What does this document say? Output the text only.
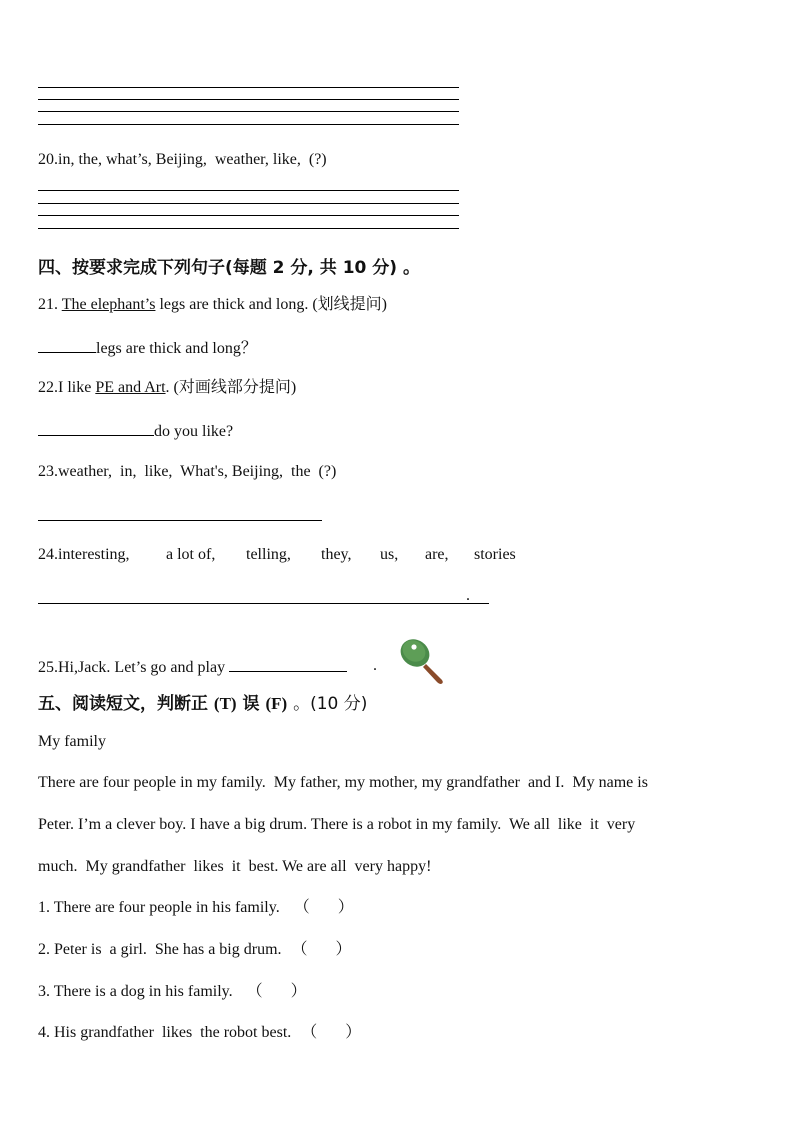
20.in, the, what’s, Beijing,  weather, like,  (?)
四、按要求完成下列句子(每题 2 分, 共 10 分) 。
21. The elephant’s legs are thick and long. (划线提问)
legs are thick and long？
22.I like PE and Art. (对画线部分提问)
do you like?
23.weather,  in,  like,  What's, Beijing,  the  (?)
24.interesting, a lot of, telling, they, us, are, stories
.
25.Hi,Jack. Let’s go and play	.

五、阅读短文，判断正 (T) 误 (F) 。(10 分)
My family
There are four people in my family.  My father, my mother, my grandfather  and I.  My name is
Peter. I’m a clever boy. I have a big drum. There is a robot in my family.  We all  like  it  very
much.  My grandfather  likes  it  best. We are all  very happy!
1. There are four people in his family. （       ）
2. Peter is  a girl.  She has a big drum. （       ）
3. There is a dog in his family. （       ）
4. His grandfather  likes  the robot best. （       ）
